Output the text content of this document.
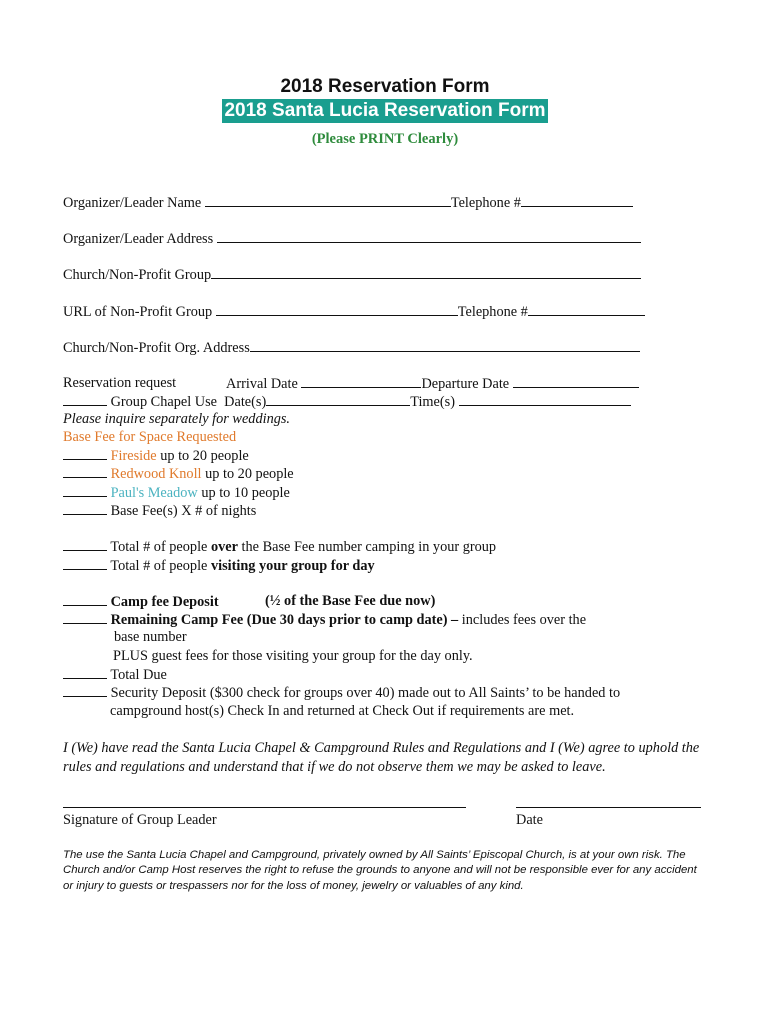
2018 Reservation Form
2018 Santa Lucia Reservation Form
(Please PRINT Clearly)
Organizer/Leader Name	Telephone #
Organizer/Leader Address
Church/Non-Profit Group
URL of Non-Profit Group	Telephone #
Church/Non-Profit Org. Address
Reservation request	Arrival Date	Departure Date
Group Chapel Use Date(s)	Time(s)
Please inquire separately for weddings.
Base Fee for Space Requested
Fireside up to 20 people
Redwood Knoll up to 20 people
Paul's Meadow up to 10 people
Base Fee(s) X # of nights
Total # of people over the Base Fee number camping in your group
Total # of people visiting your group for day
Camp fee Deposit	(½ of the Base Fee due now)
Remaining Camp Fee (Due 30 days prior to camp date) – includes fees over the
base number
PLUS guest fees for those visiting your group for the day only.
Total Due
Security Deposit ($300 check for groups over 40) made out to All Saints’ to be handed to
campground host(s) Check In and returned at Check Out if requirements are met.
I (We) have read the Santa Lucia Chapel & Campground Rules and Regulations and I (We) agree to uphold the rules and regulations and understand that if we do not observe them we may be asked to leave.
Signature of Group Leader	Date
The use the Santa Lucia Chapel and Campground, privately owned by All Saints’ Episcopal Church, is at your own risk. The Church and/or Camp Host reserves the right to refuse the grounds to anyone and will not be responsible ever for any accident or injury to guests or trespassers nor for the loss of money, jewelry or valuables of any kind.
